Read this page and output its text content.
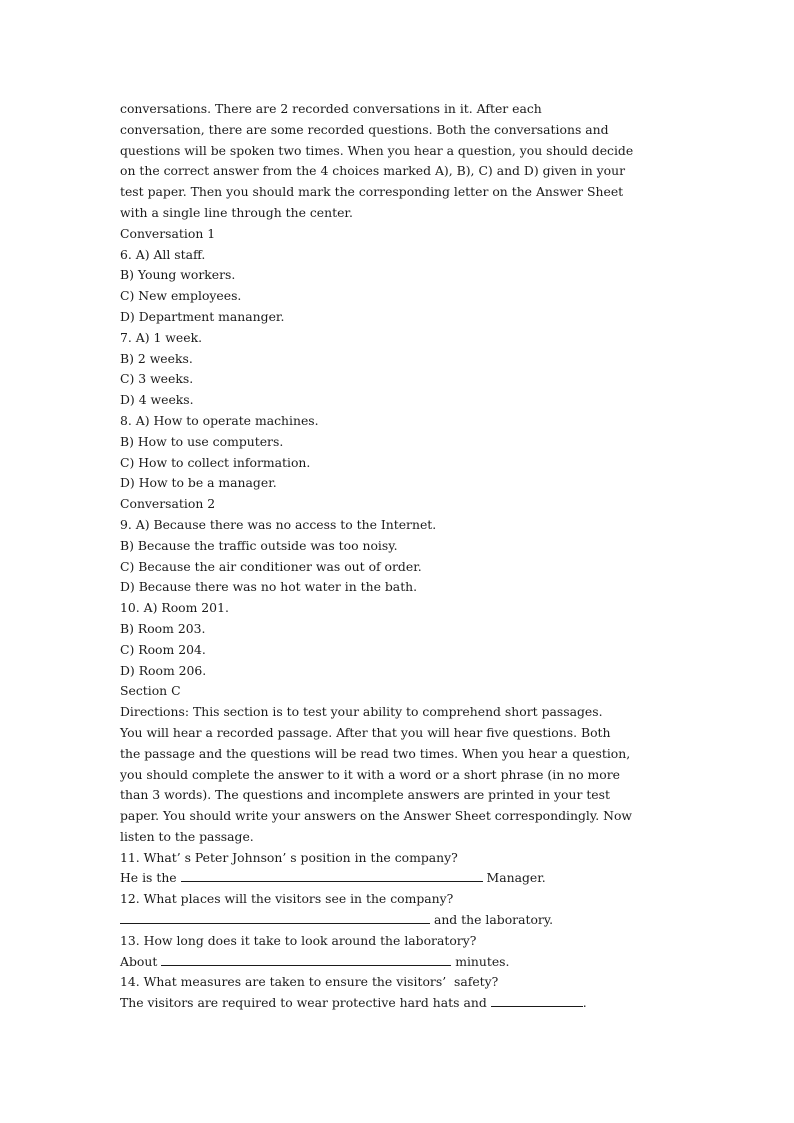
conversations. There are 2 recorded conversations in it. After each
conversation, there are some recorded questions. Both the conversations and
questions will be spoken two times. When you hear a question, you should decide
on the correct answer from the 4 choices marked A), B), C) and D) given in your
test paper. Then you should mark the corresponding letter on the Answer Sheet
with a single line through the center.
Conversation 1
6. A) All staff.
B) Young workers.
C) New employees.
D) Department mananger.
7. A) 1 week.
B) 2 weeks.
C) 3 weeks.
D) 4 weeks.
8. A) How to operate machines.
B) How to use computers.
C) How to collect information.
D) How to be a manager.
Conversation 2
9. A) Because there was no access to the Internet.
B) Because the traffic outside was too noisy.
C) Because the air conditioner was out of order.
D) Because there was no hot water in the bath.
10. A) Room 201.
B) Room 203.
C) Room 204.
D) Room 206.
Section C
Directions: This section is to test your ability to comprehend short passages.
You will hear a recorded passage. After that you will hear five questions. Both
the passage and the questions will be read two times. When you hear a question,
you should complete the answer to it with a word or a short phrase (in no more
than 3 words). The questions and incomplete answers are printed in your test
paper. You should write your answers on the Answer Sheet correspondingly. Now
listen to the passage.
11. What’ s Peter Johnson’ s position in the company?
He is the	Manager.
12. What places will the visitors see in the company?
and the laboratory.
13. How long does it take to look around the laboratory?
About	minutes.
14. What measures are taken to ensure the visitors’  safety?
The visitors are required to wear protective hard hats and	.
